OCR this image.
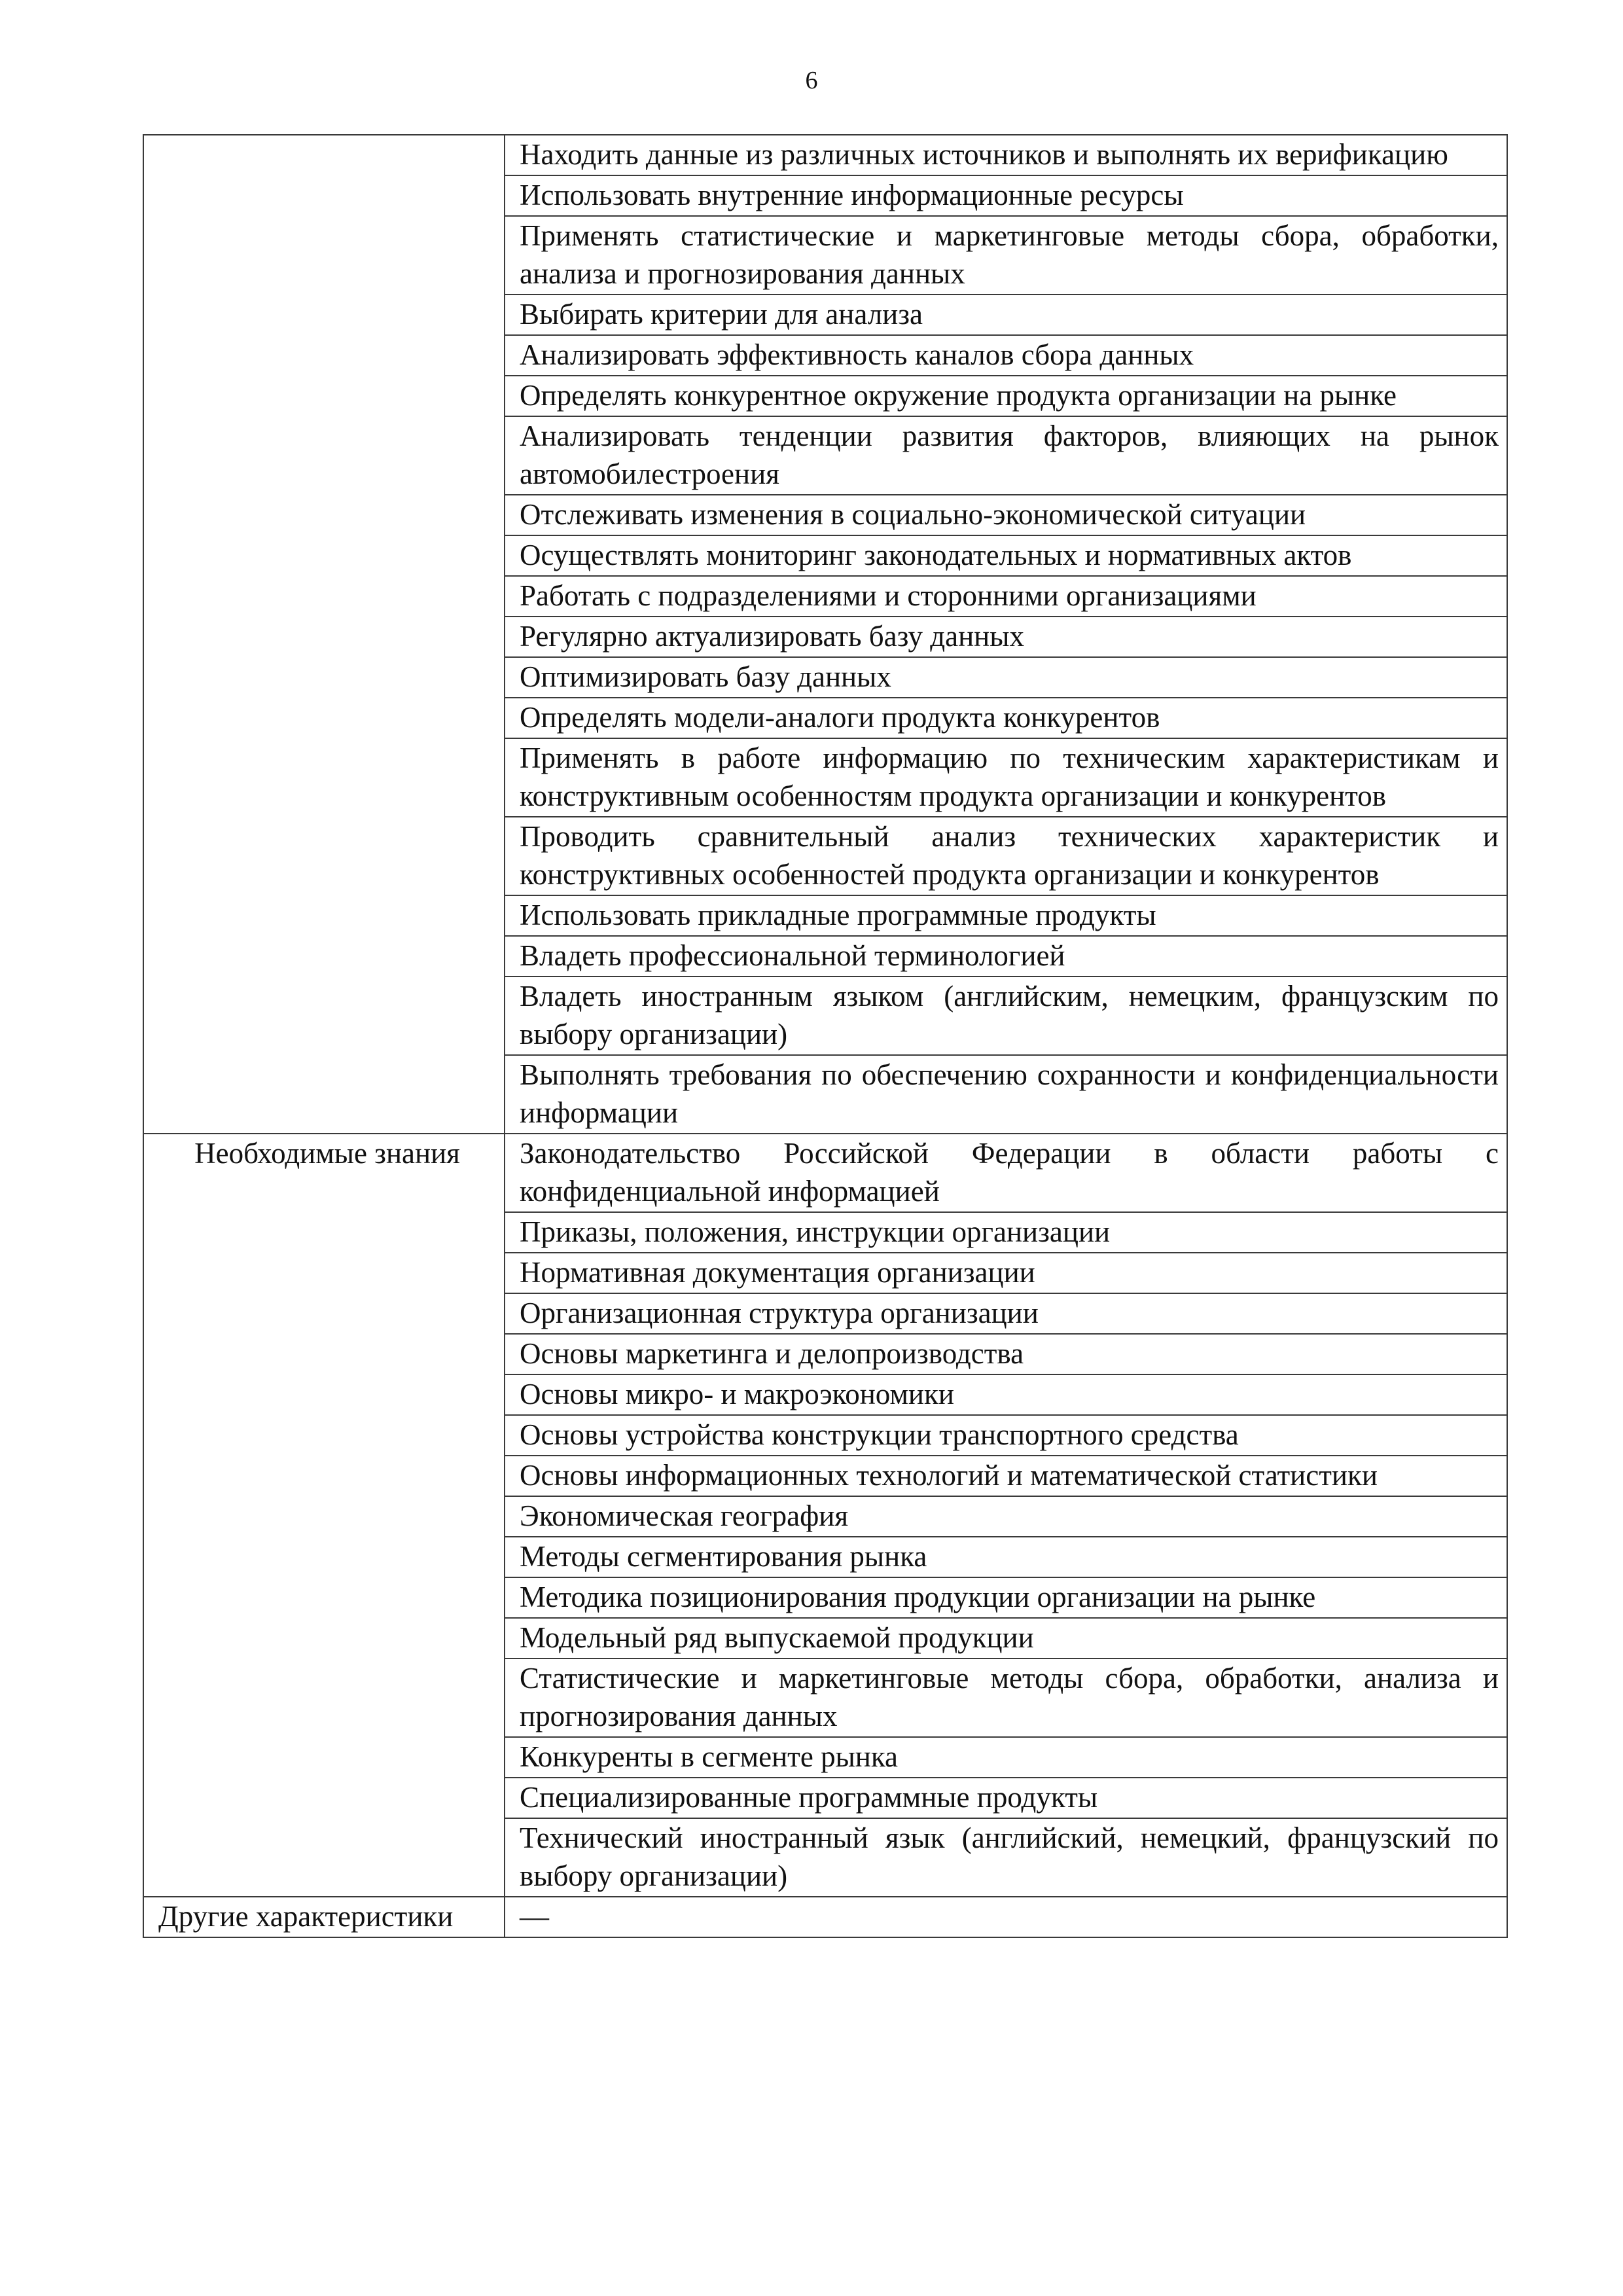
6
	Находить данные из различных источников и выполнять их верификацию
	Использовать внутренние информационные ресурсы
	Применять статистические и маркетинговые методы сбора, обработки, анализа и прогнозирования данных
	Выбирать критерии для анализа
	Анализировать эффективность каналов сбора данных
	Определять конкурентное окружение продукта организации на рынке
	Анализировать тенденции развития факторов, влияющих на рынок автомобилестроения
	Отслеживать изменения в социально-экономической ситуации
	Осуществлять мониторинг законодательных и нормативных актов
	Работать с подразделениями и сторонними организациями
	Регулярно актуализировать базу данных
	Оптимизировать базу данных
	Определять модели-аналоги продукта конкурентов
	Применять в работе информацию по техническим характеристикам и конструктивным особенностям продукта организации и конкурентов
	Проводить сравнительный анализ технических характеристик и конструктивных особенностей продукта организации и конкурентов
	Использовать прикладные программные продукты
	Владеть профессиональной терминологией
	Владеть иностранным языком (английским, немецким, французским по выбору организации)
	Выполнять требования по обеспечению сохранности и конфиденциальности информации
Необходимые знания	Законодательство Российской Федерации в области работы с конфиденциальной информацией
	Приказы, положения, инструкции организации
	Нормативная документация организации
	Организационная структура организации
	Основы маркетинга и делопроизводства
	Основы микро- и макроэкономики
	Основы устройства конструкции транспортного средства
	Основы информационных технологий и математической статистики
	Экономическая география
	Методы сегментирования рынка
	Методика позиционирования продукции организации на рынке
	Модельный ряд выпускаемой продукции
	Статистические и маркетинговые методы сбора, обработки, анализа и прогнозирования данных
	Конкуренты в сегменте рынка
	Специализированные программные продукты
	Технический иностранный язык (английский, немецкий, французский по выбору организации)
Другие характеристики	—
